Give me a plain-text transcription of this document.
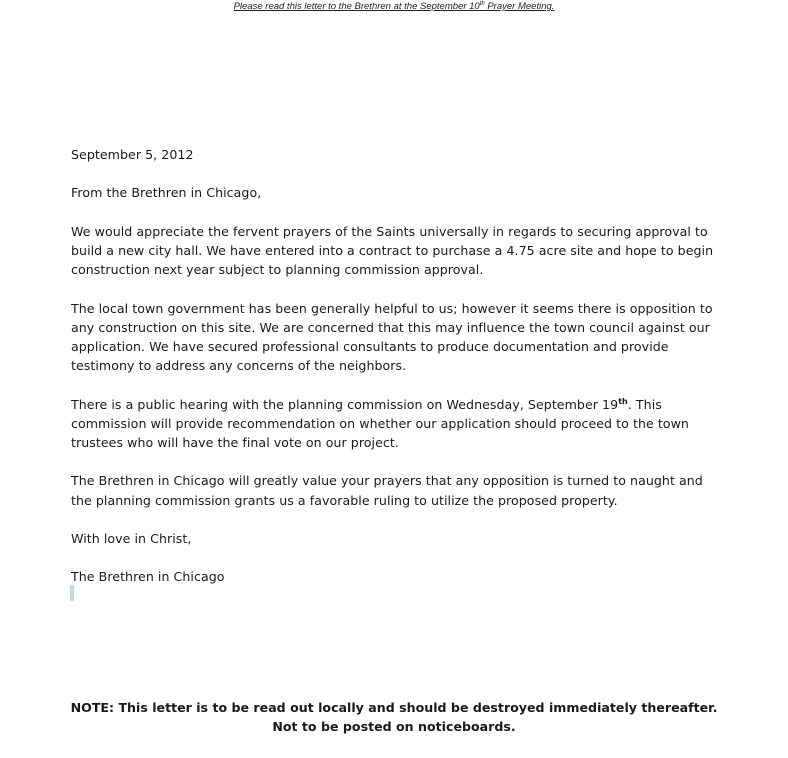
Please read this letter to the Brethren at the September 10th Prayer Meeting.

September 5, 2012

From the Brethren in Chicago,

We would appreciate the fervent prayers of the Saints universally in regards to securing approval to build a new city hall. We have entered into a contract to purchase a 4.75 acre site and hope to begin construction next year subject to planning commission approval.

The local town government has been generally helpful to us; however it seems there is opposition to any construction on this site. We are concerned that this may influence the town council against our application. We have secured professional consultants to produce documentation and provide testimony to address any concerns of the neighbors.

There is a public hearing with the planning commission on Wednesday, September 19th. This commission will provide recommendation on whether our application should proceed to the town trustees who will have the final vote on our project.

The Brethren in Chicago will greatly value your prayers that any opposition is turned to naught and the planning commission grants us a favorable ruling to utilize the proposed property.

With love in Christ,

The Brethren in Chicago

NOTE: This letter is to be read out locally and should be destroyed immediately thereafter.
Not to be posted on noticeboards.
